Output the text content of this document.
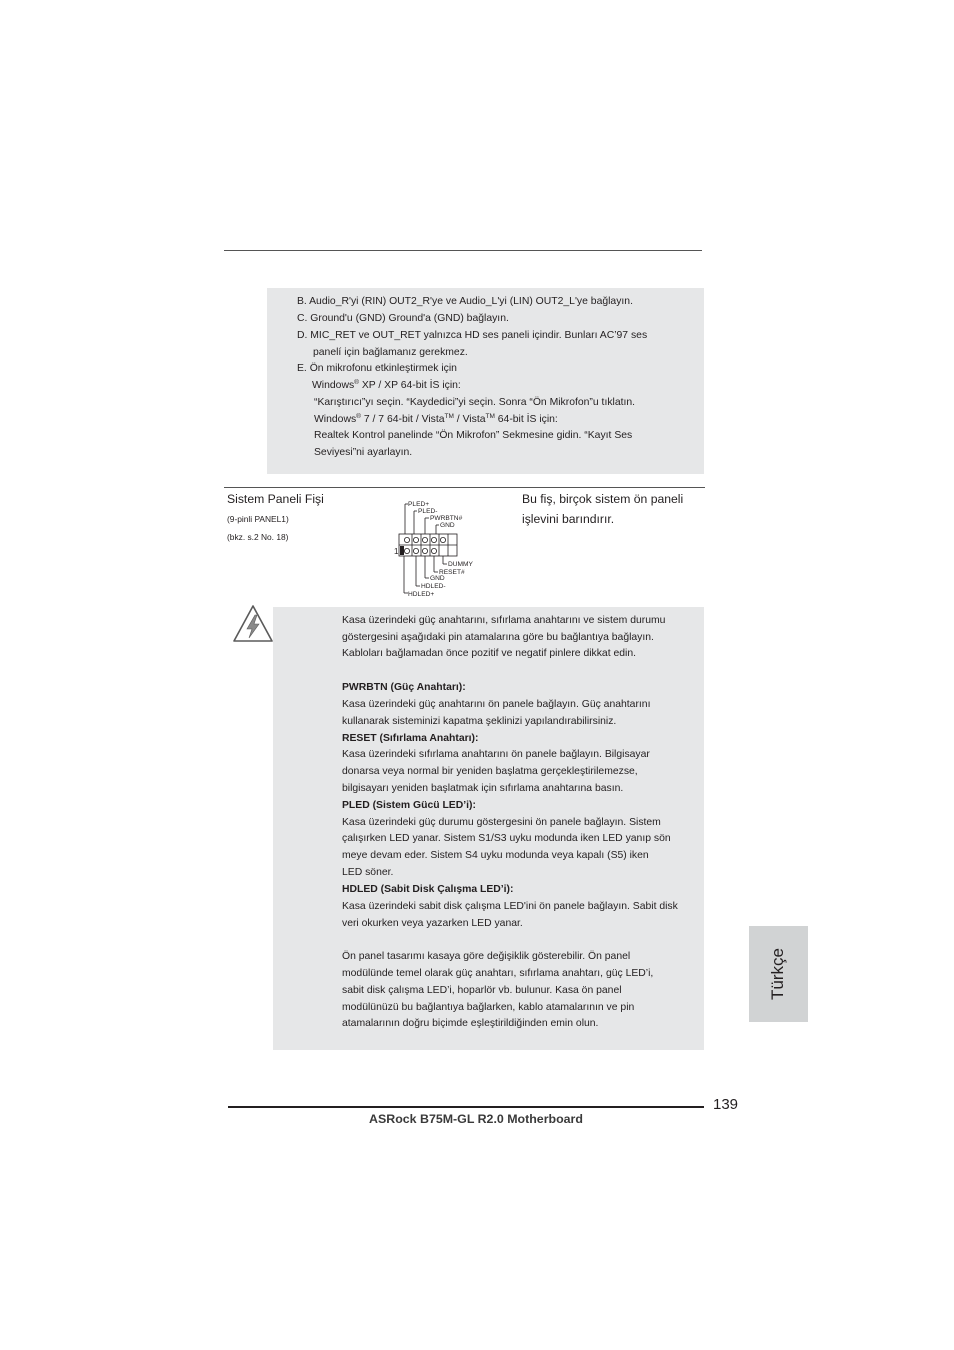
B. Audio_R'yi (RIN) OUT2_R'ye ve Audio_L'yi (LIN) OUT2_L'ye bağlayın.
C. Ground'u (GND) Ground'a (GND) bağlayın.
D. MIC_RET ve OUT_RET yalnızca HD ses paneli içindir. Bunları AC’97 ses
panelí için bağlamanız gerekmez.
E. Ön mikrofonu etkinleştirmek için
Windows® XP / XP 64-bit İS için:
“Karıştırıcı”yı seçin. “Kaydedici”yi seçin. Sonra “Ön Mikrofon”u tıklatın.
Windows® 7 / 7 64-bit / Vista™ / Vista™ 64-bit İS için:
Realtek Kontrol panelinde “Ön Mikrofon” Sekmesine gidin. “Kayıt Ses
Seviyesi”ni ayarlayın.
Sistem Paneli Fişi
(9-pinli PANEL1)
(bkz. s.2 No. 18)
Bu fiş, birçok sistem ön paneli
işlevini barındırır.
PLED+
PLED-
PWRBTN#
GND
1
DUMMY
RESET#
GND
HDLED-
HDLED+
Kasa üzerindeki güç anahtarını, sıfırlama anahtarını ve sistem durumu
göstergesini aşağıdaki pin atamalarına göre bu bağlantıya bağlayın.
Kabloları bağlamadan önce pozitif ve negatif pinlere dikkat edin.
PWRBTN (Güç Anahtarı):
Kasa üzerindeki güç anahtarını ön panele bağlayın. Güç anahtarını
kullanarak sisteminizi kapatma şeklinizi yapılandırabilirsiniz.
RESET (Sıfırlama Anahtarı):
Kasa üzerindeki sıfırlama anahtarını ön panele bağlayın. Bilgisayar
donarsa veya normal bir yeniden başlatma gerçekleştirilemezse,
bilgisayarı yeniden başlatmak için sıfırlama anahtarına basın.
PLED (Sistem Gücü LED’i):
Kasa üzerindeki güç durumu göstergesini ön panele bağlayın. Sistem
çalışırken LED yanar. Sistem S1/S3 uyku modunda iken LED yanıp sön
meye devam eder. Sistem S4 uyku modunda veya kapalı (S5) iken
LED söner.
HDLED (Sabit Disk Çalışma LED’i):
Kasa üzerindeki sabit disk çalışma LED'ini ön panele bağlayın. Sabit disk
veri okurken veya yazarken LED yanar.
Ön panel tasarımı kasaya göre değişiklik gösterebilir. Ön panel
modülünde temel olarak güç anahtarı, sıfırlama anahtarı, güç LED’i,
sabit disk çalışma LED’i, hoparlör vb. bulunur. Kasa ön panel
modülünüzü bu bağlantıya bağlarken, kablo atamalarının ve pin
atamalarının doğru biçimde eşleştirildiğinden emin olun.
Türkçe
139
ASRock B75M-GL R2.0 Motherboard
